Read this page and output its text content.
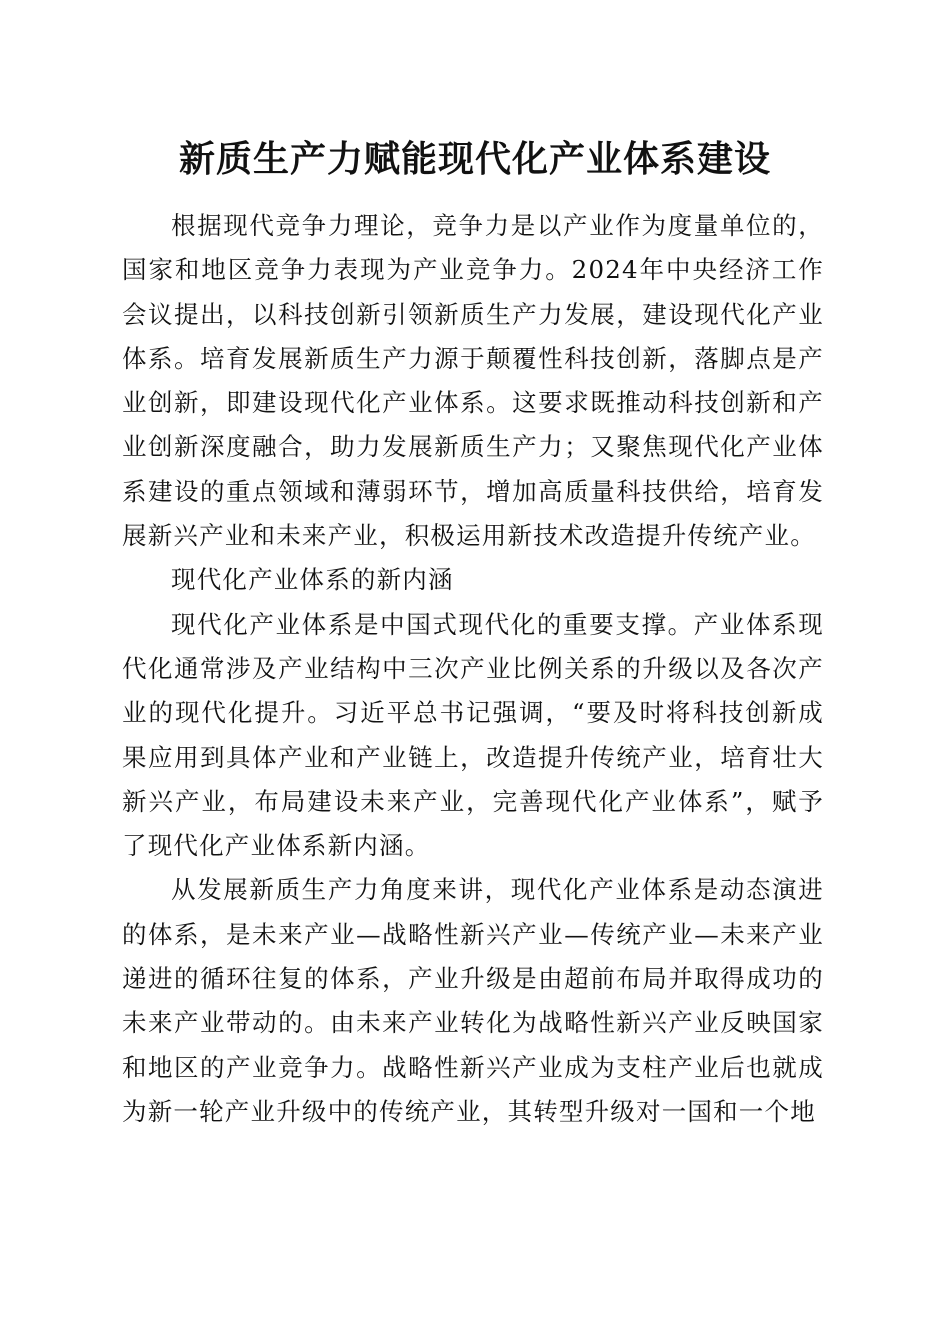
新质生产力赋能现代化产业体系建设

根据现代竞争力理论，竞争力是以产业作为度量单位的，国家和地区竞争力表现为产业竞争力。2024年中央经济工作会议提出，以科技创新引领新质生产力发展，建设现代化产业体系。培育发展新质生产力源于颠覆性科技创新，落脚点是产业创新，即建设现代化产业体系。这要求既推动科技创新和产业创新深度融合，助力发展新质生产力；又聚焦现代化产业体系建设的重点领域和薄弱环节，增加高质量科技供给，培育发展新兴产业和未来产业，积极运用新技术改造提升传统产业。

现代化产业体系的新内涵

现代化产业体系是中国式现代化的重要支撑。产业体系现代化通常涉及产业结构中三次产业比例关系的升级以及各次产业的现代化提升。习近平总书记强调，“要及时将科技创新成果应用到具体产业和产业链上，改造提升传统产业，培育壮大新兴产业，布局建设未来产业，完善现代化产业体系”，赋予了现代化产业体系新内涵。

从发展新质生产力角度来讲，现代化产业体系是动态演进的体系，是未来产业—战略性新兴产业—传统产业—未来产业递进的循环往复的体系，产业升级是由超前布局并取得成功的未来产业带动的。由未来产业转化为战略性新兴产业反映国家和地区的产业竞争力。战略性新兴产业成为支柱产业后也就成为新一轮产业升级中的传统产业，其转型升级对一国和一个地
